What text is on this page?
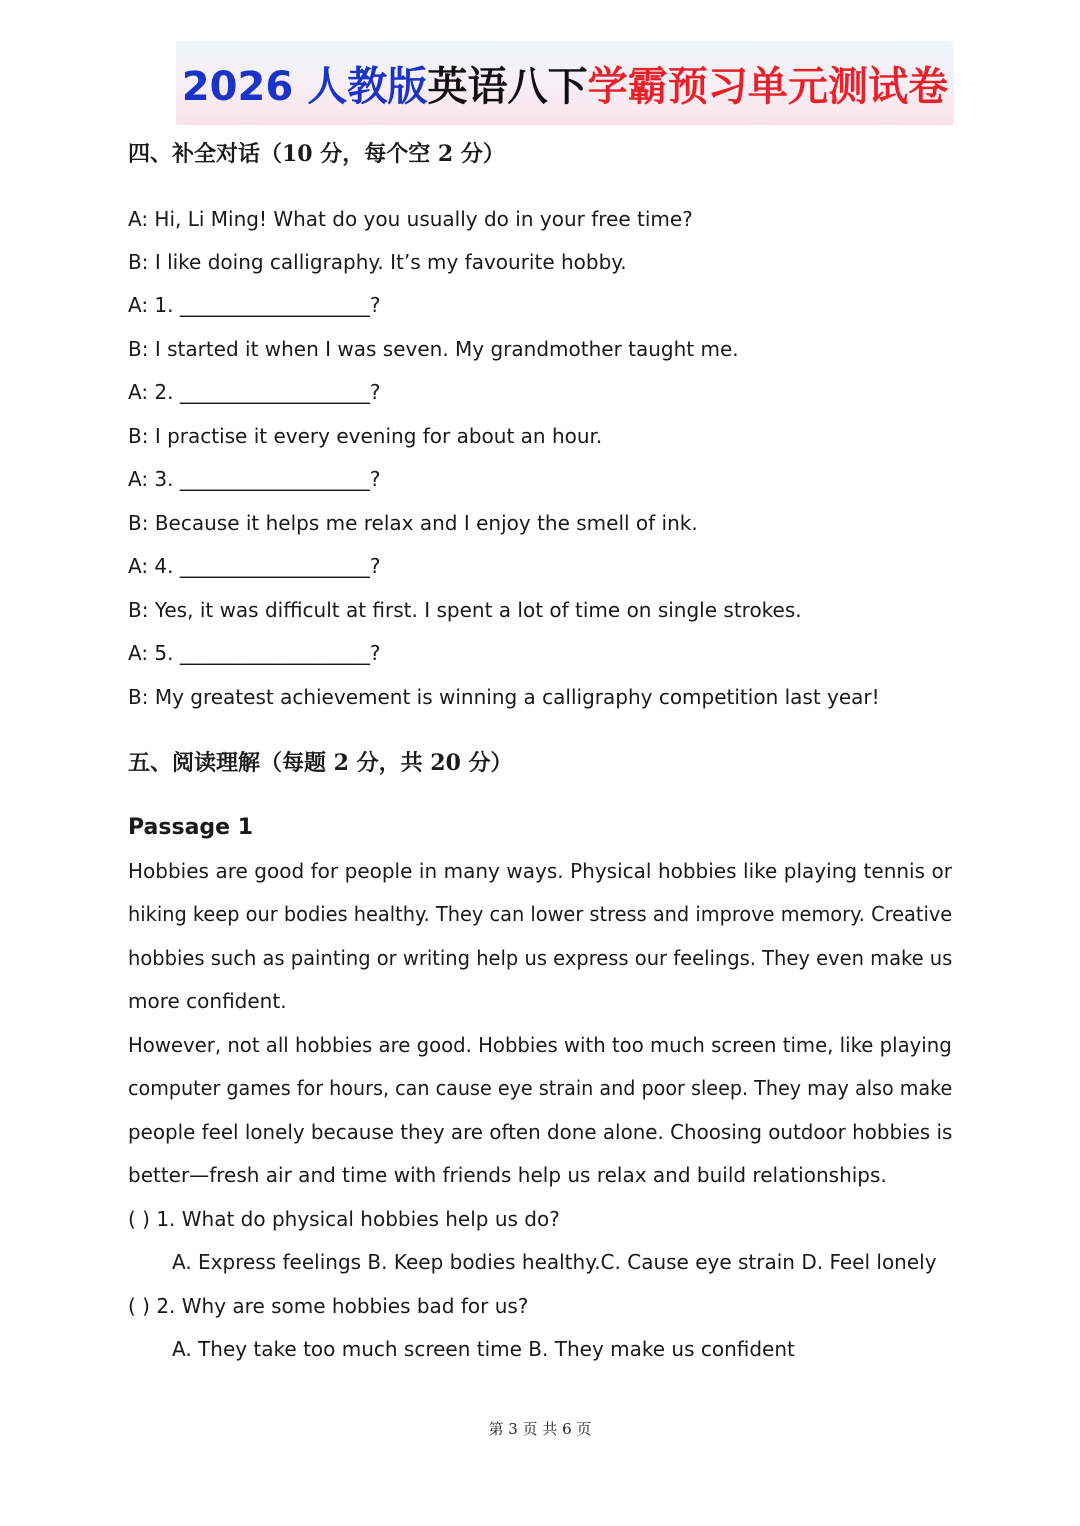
2026 人教版 英语八下 学霸预习单元测试卷
四、补全对话（10 分，每个空 2 分）
A: Hi, Li Ming! What do you usually do in your free time?
B: I like doing calligraphy. It’s my favourite hobby.
A: 1. ___________________?
B: I started it when I was seven. My grandmother taught me.
A: 2. ___________________?
B: I practise it every evening for about an hour.
A: 3. ___________________?
B: Because it helps me relax and I enjoy the smell of ink.
A: 4. ___________________?
B: Yes, it was difficult at first. I spent a lot of time on single strokes.
A: 5. ___________________?
B: My greatest achievement is winning a calligraphy competition last year!
五、阅读理解（每题 2 分，共 20 分）
Passage 1
Hobbies are good for people in many ways. Physical hobbies like playing tennis or
hiking keep our bodies healthy. They can lower stress and improve memory. Creative
hobbies such as painting or writing help us express our feelings. They even make us
more confident.
However, not all hobbies are good. Hobbies with too much screen time, like playing
computer games for hours, can cause eye strain and poor sleep. They may also make
people feel lonely because they are often done alone. Choosing outdoor hobbies is
better—fresh air and time with friends help us relax and build relationships.
( ) 1. What do physical hobbies help us do?
A. Express feelings B. Keep bodies healthy.C. Cause eye strain D. Feel lonely
( ) 2. Why are some hobbies bad for us?
A. They take too much screen time B. They make us confident
第 3 页 共 6 页
